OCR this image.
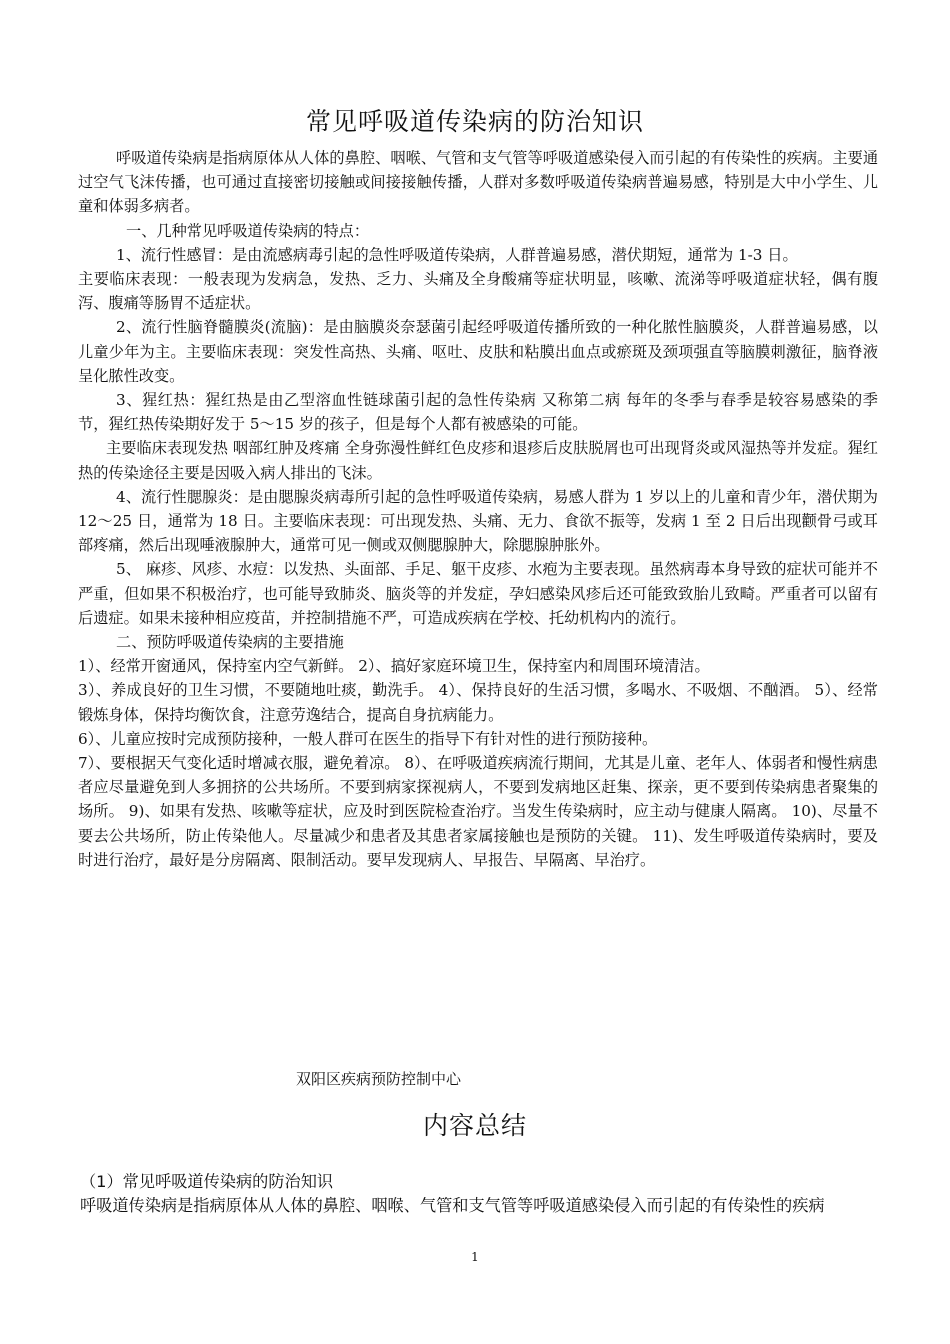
常见呼吸道传染病的防治知识

呼吸道传染病是指病原体从人体的鼻腔、咽喉、气管和支气管等呼吸道感染侵入而引起的有传染性的疾病。主要通过空气飞沫传播，也可通过直接密切接触或间接接触传播，人群对多数呼吸道传染病普遍易感，特别是大中小学生、儿童和体弱多病者。

一、几种常见呼吸道传染病的特点：

1、流行性感冒：是由流感病毒引起的急性呼吸道传染病，人群普遍易感，潜伏期短，通常为 1-3 日。

主要临床表现：一般表现为发病急，发热、乏力、头痛及全身酸痛等症状明显，咳嗽、流涕等呼吸道症状轻，偶有腹泻、腹痛等肠胃不适症状。

2、流行性脑脊髓膜炎(流脑)：是由脑膜炎奈瑟菌引起经呼吸道传播所致的一种化脓性脑膜炎，人群普遍易感，以儿童少年为主。主要临床表现：突发性高热、头痛、呕吐、皮肤和粘膜出血点或瘀斑及颈项强直等脑膜刺激征，脑脊液呈化脓性改变。

3、猩红热：猩红热是由乙型溶血性链球菌引起的急性传染病 又称第二病 每年的冬季与春季是较容易感染的季节，猩红热传染期好发于 5～15 岁的孩子，但是每个人都有被感染的可能。

主要临床表现发热 咽部红肿及疼痛 全身弥漫性鲜红色皮疹和退疹后皮肤脱屑也可出现肾炎或风湿热等并发症。猩红热的传染途径主要是因吸入病人排出的飞沫。

4、流行性腮腺炎：是由腮腺炎病毒所引起的急性呼吸道传染病，易感人群为 1 岁以上的儿童和青少年，潜伏期为 12～25 日，通常为 18 日。主要临床表现：可出现发热、头痛、无力、食欲不振等，发病 1 至 2 日后出现颧骨弓或耳部疼痛，然后出现唾液腺肿大，通常可见一侧或双侧腮腺肿大，除腮腺肿胀外。

5、 麻疹、风疹、水痘：以发热、头面部、手足、躯干皮疹、水疱为主要表现。虽然病毒本身导致的症状可能并不严重，但如果不积极治疗，也可能导致肺炎、脑炎等的并发症，孕妇感染风疹后还可能致致胎儿致畸。严重者可以留有后遗症。如果未接种相应疫苗，并控制措施不严，可造成疾病在学校、托幼机构内的流行。

二、预防呼吸道传染病的主要措施

1）、经常开窗通风，保持室内空气新鲜。 2）、搞好家庭环境卫生，保持室内和周围环境清洁。

3）、养成良好的卫生习惯，不要随地吐痰，勤洗手。 4）、保持良好的生活习惯，多喝水、不吸烟、不酗酒。 5）、经常锻炼身体，保持均衡饮食，注意劳逸结合，提高自身抗病能力。

6）、儿童应按时完成预防接种，一般人群可在医生的指导下有针对性的进行预防接种。

7）、要根据天气变化适时增减衣服，避免着凉。 8）、在呼吸道疾病流行期间，尤其是儿童、老年人、体弱者和慢性病患者应尽量避免到人多拥挤的公共场所。不要到病家探视病人，不要到发病地区赶集、探亲，更不要到传染病患者聚集的场所。 9)、如果有发热、咳嗽等症状，应及时到医院检查治疗。当发生传染病时，应主动与健康人隔离。 10)、尽量不要去公共场所，防止传染他人。尽量减少和患者及其患者家属接触也是预防的关键。 11)、发生呼吸道传染病时，要及时进行治疗，最好是分房隔离、限制活动。要早发现病人、早报告、早隔离、早治疗。

双阳区疾病预防控制中心
内容总结

（1）常见呼吸道传染病的防治知识

呼吸道传染病是指病原体从人体的鼻腔、咽喉、气管和支气管等呼吸道感染侵入而引起的有传染性的疾病

1
